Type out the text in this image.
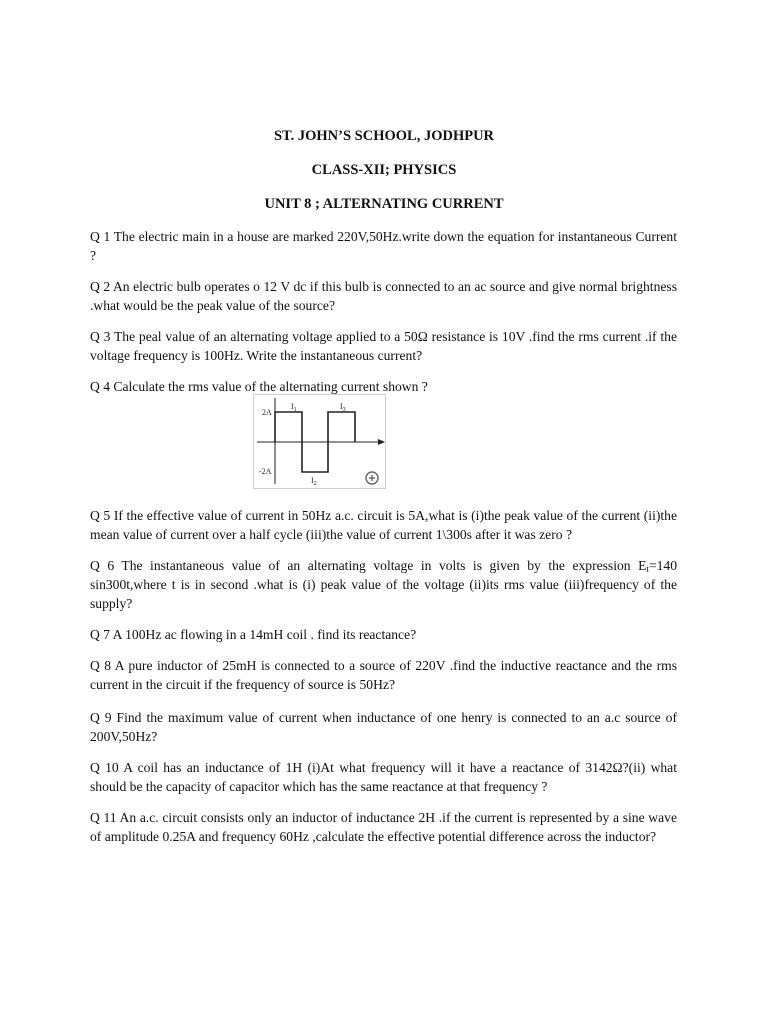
ST. JOHN’S SCHOOL, JODHPUR
CLASS-XII; PHYSICS
UNIT 8 ; ALTERNATING CURRENT
Q 1 The electric main in a house are marked 220V,50Hz.write down the equation for instantaneous Current ?
Q 2 An electric bulb operates o 12 V dc if this bulb is connected to an ac source and give normal brightness .what would be the peak value of the source?
Q 3 The peal value of an alternating voltage applied to a 50Ω resistance is 10V .find the rms current .if the voltage frequency is 100Hz. Write the instantaneous current?
Q 4 Calculate the rms value of the alternating current shown ?
2A
-2A
$I_1$
$I_2$
$I_3$
Q 5 If the effective value of current in 50Hz a.c. circuit is 5A,what is (i)the peak value of the current (ii)the mean value of current over a half cycle (iii)the value of current 1\300s after it was zero ?
Q 6 The instantaneous value of an alternating voltage in volts is given by the expression $E_t=140$ sin300t,where t is in second .what is (i) peak value of the voltage (ii)its rms value (iii)frequency of the supply?
Q 7 A 100Hz ac flowing in a 14mH coil . find its reactance?
Q 8 A pure inductor of 25mH is connected to a source of 220V .find the inductive reactance and the rms current in the circuit if the frequency of source is 50Hz?
Q 9 Find the maximum value of current when inductance of one henry is connected to an a.c source of 200V,50Hz?
Q 10 A coil has an inductance of 1H (i)At what frequency will it have a reactance of 3142Ω?(ii) what should be the capacity of capacitor which has the same reactance at that frequency ?
Q 11 An a.c. circuit consists only an inductor of inductance 2H .if the current is represented by a sine wave of amplitude 0.25A and frequency 60Hz ,calculate the effective potential difference across the inductor?
